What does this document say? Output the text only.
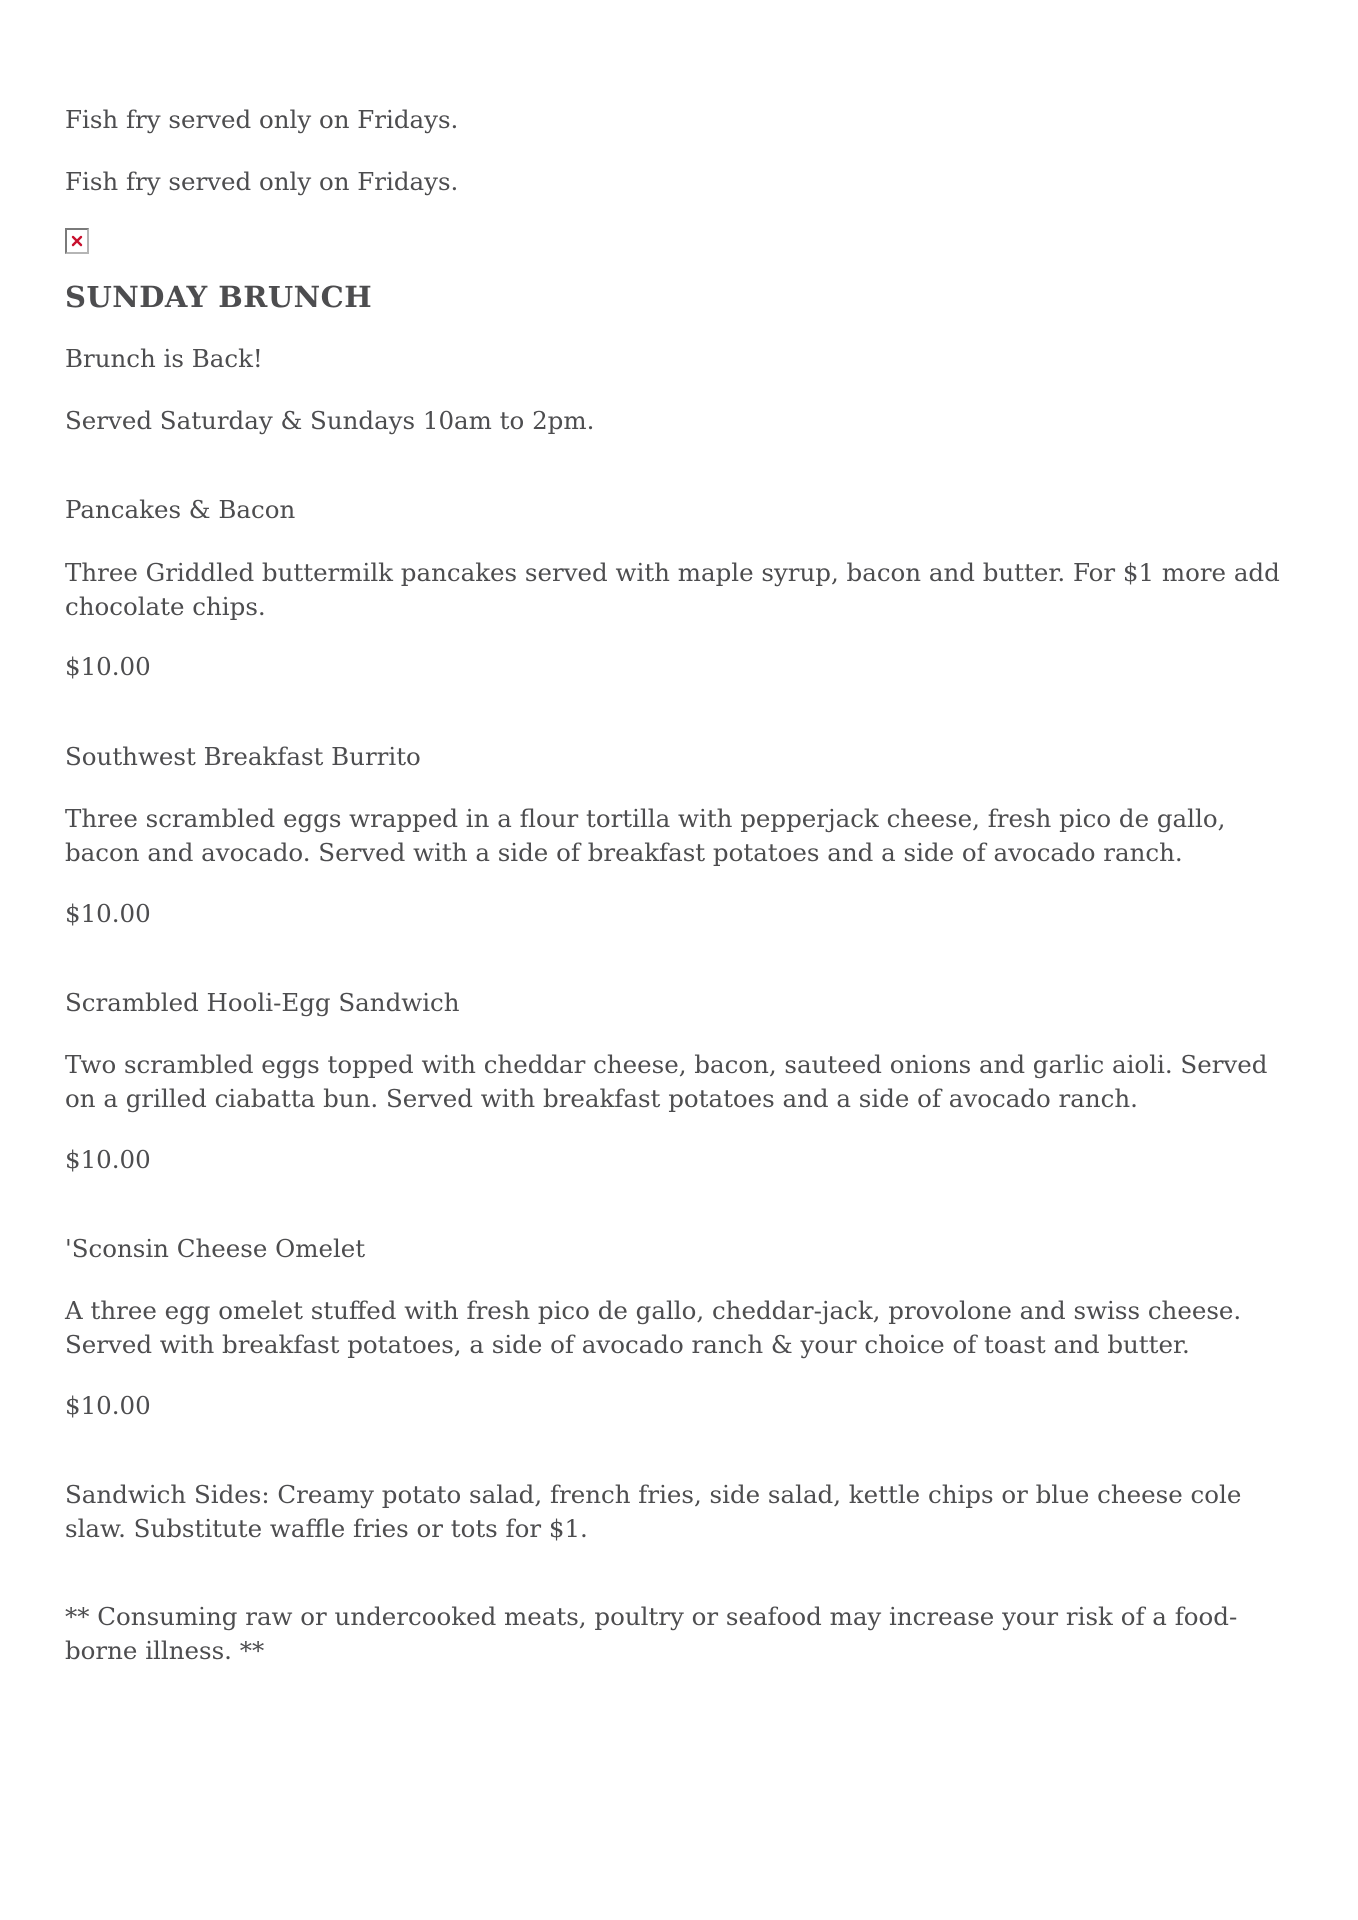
Fish fry served only on Fridays.

Fish fry served only on Fridays.

SUNDAY BRUNCH

Brunch is Back!

Served Saturday & Sundays 10am to 2pm.

Pancakes & Bacon

Three Griddled buttermilk pancakes served with maple syrup, bacon and butter. For $1 more add chocolate chips.

$10.00

Southwest Breakfast Burrito

Three scrambled eggs wrapped in a flour tortilla with pepperjack cheese, fresh pico de gallo, bacon and avocado. Served with a side of breakfast potatoes and a side of avocado ranch.

$10.00

Scrambled Hooli-Egg Sandwich

Two scrambled eggs topped with cheddar cheese, bacon, sauteed onions and garlic aioli. Served on a grilled ciabatta bun. Served with breakfast potatoes and a side of avocado ranch.

$10.00

'Sconsin Cheese Omelet

A three egg omelet stuffed with fresh pico de gallo, cheddar-jack, provolone and swiss cheese. Served with breakfast potatoes, a side of avocado ranch & your choice of toast and butter.

$10.00

Sandwich Sides: Creamy potato salad, french fries, side salad, kettle chips or blue cheese cole slaw. Substitute waffle fries or tots for $1.

** Consuming raw or undercooked meats, poultry or seafood may increase your risk of a food-borne illness. **
